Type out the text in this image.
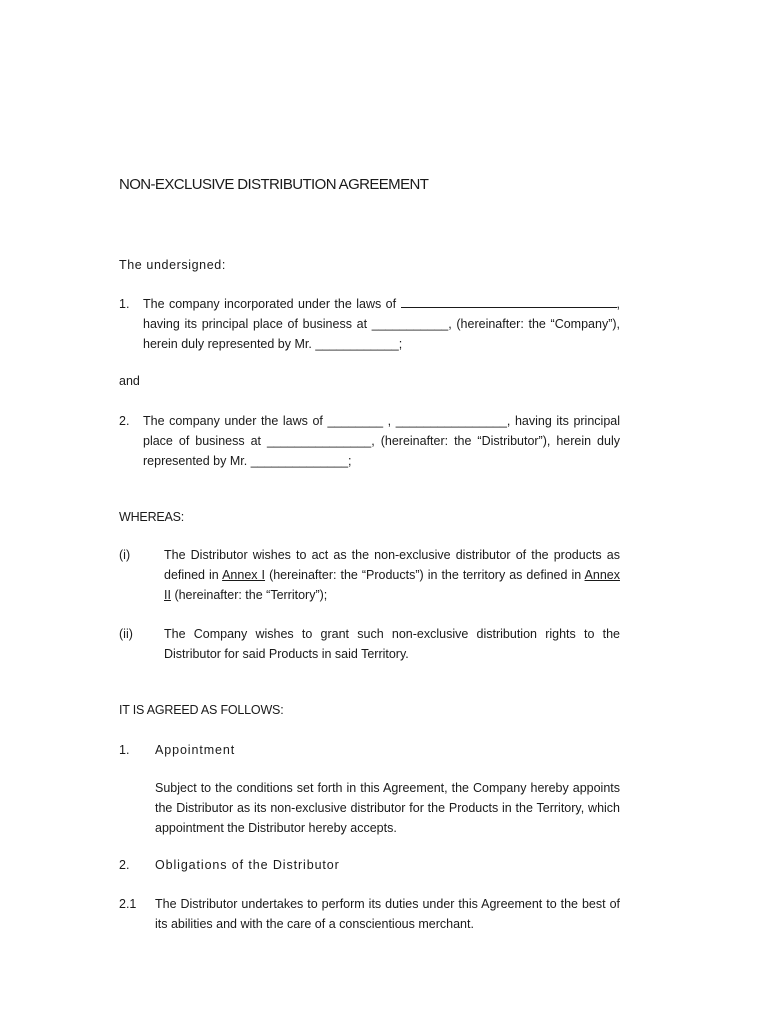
NON-EXCLUSIVE DISTRIBUTION AGREEMENT
The undersigned:
1. The company incorporated under the laws of	, having its principal place of business at ___________, (hereinafter: the “Company”), herein duly represented by Mr. ____________;
and
2. The company under the laws of ________ , ________________, having its principal place of business at _______________, (hereinafter: the “Distributor”), herein duly represented by Mr. ______________;
WHEREAS:
(i)	The Distributor wishes to act as the non-exclusive distributor of the products as defined in Annex I (hereinafter: the “Products”) in the territory as defined in Annex II (hereinafter: the “Territory”);
(ii) The Company wishes to grant such non-exclusive distribution rights to the Distributor for said Products in said Territory.
IT IS AGREED AS FOLLOWS:
1. Appointment
Subject to the conditions set forth in this Agreement, the Company hereby appoints the Distributor as its non-exclusive distributor for the Products in the Territory, which appointment the Distributor hereby accepts.
2. Obligations of the Distributor
2.1 The Distributor undertakes to perform its duties under this Agreement to the best of its abilities and with the care of a conscientious merchant.
